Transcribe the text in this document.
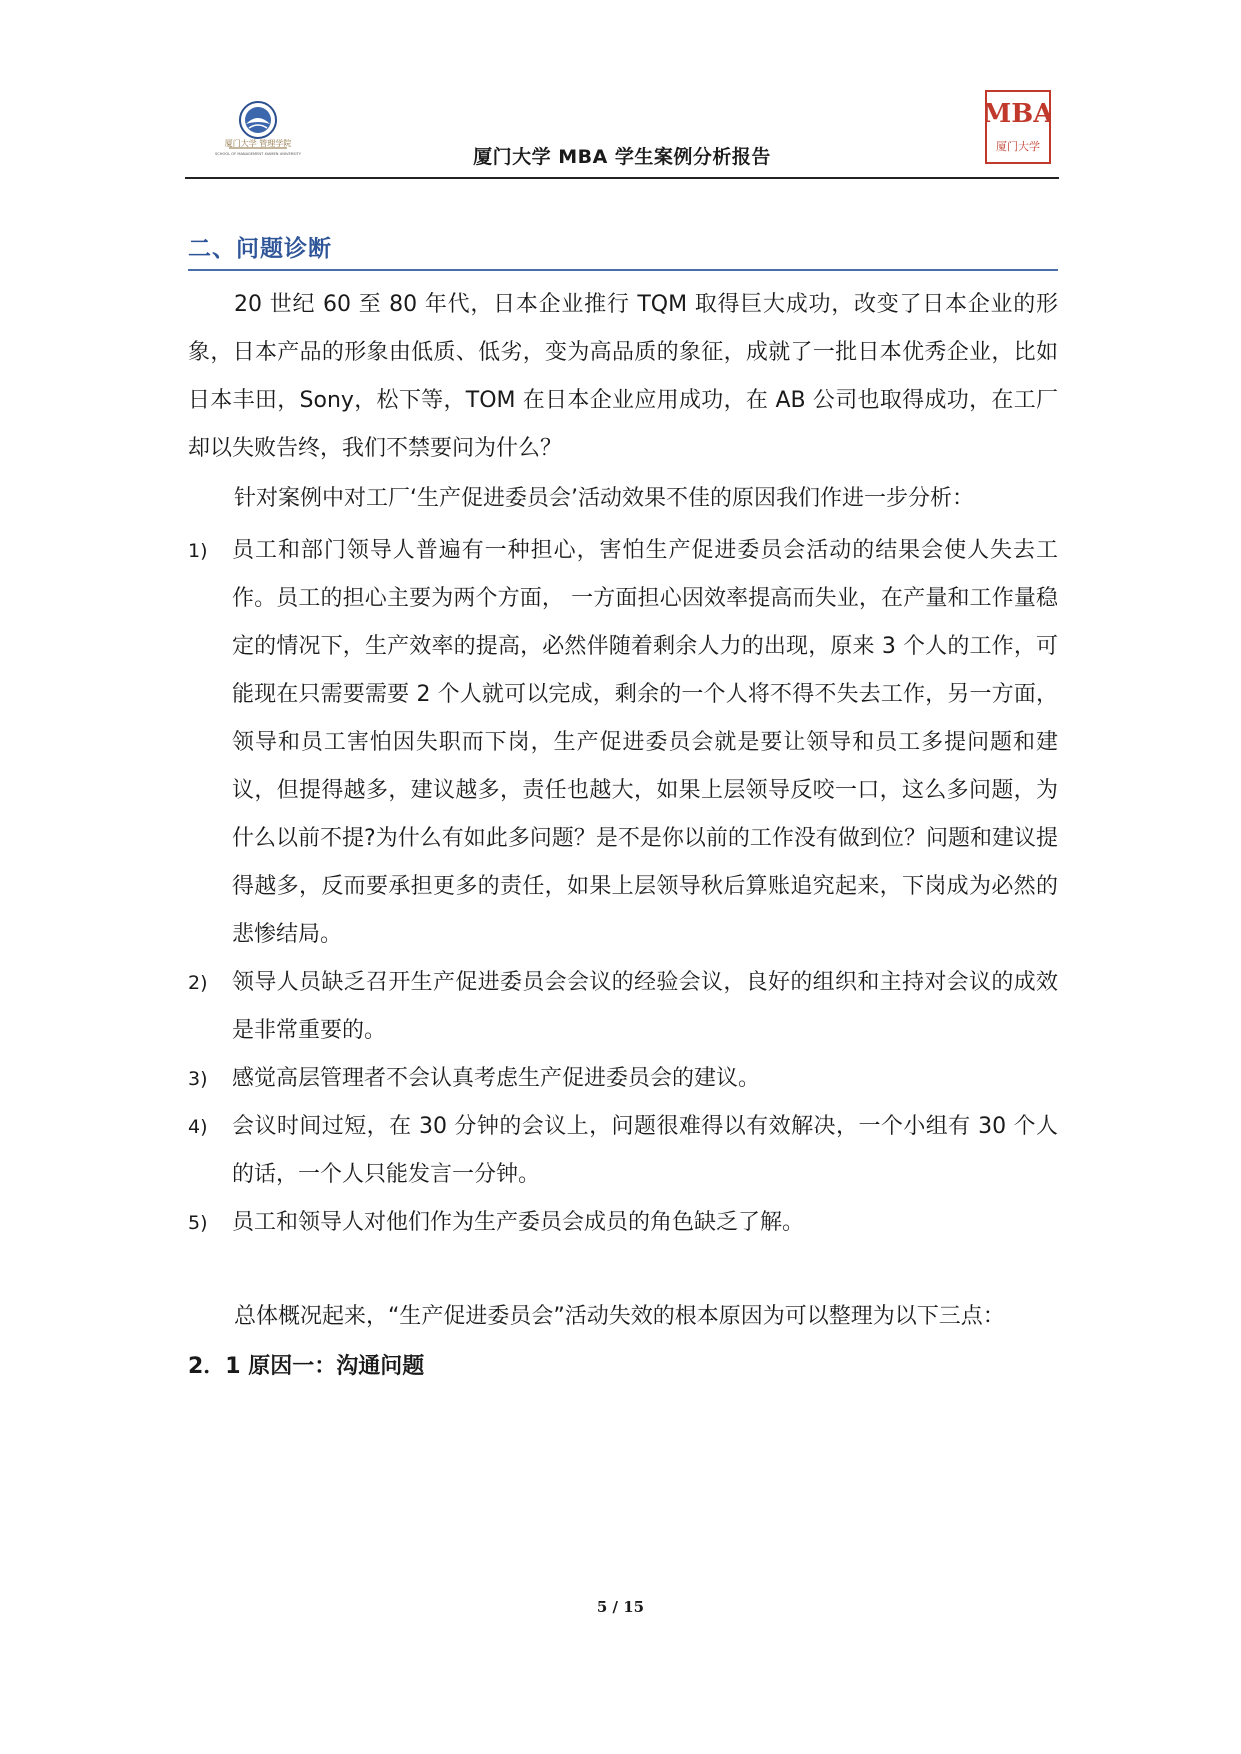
厦门大学 管理学院
SCHOOL OF MANAGEMENT XIAMEN UNIVERSITY
MBA
厦门大学
厦门大学 MBA 学生案例分析报告
二、问题诊断

20 世纪 60 至 80 年代，日本企业推行 TQM 取得巨大成功，改变了日本企业的形象，日本产品的形象由低质、低劣，变为高品质的象征，成就了一批日本优秀企业，比如日本丰田，Sony，松下等，TOM 在日本企业应用成功，在 AB 公司也取得成功，在工厂却以失败告终，我们不禁要问为什么？

针对案例中对工厂‘生产促进委员会’活动效果不佳的原因我们作进一步分析：

1) 员工和部门领导人普遍有一种担心，害怕生产促进委员会活动的结果会使人失去工作。员工的担心主要为两个方面， 一方面担心因效率提高而失业，在产量和工作量稳定的情况下，生产效率的提高，必然伴随着剩余人力的出现，原来 3 个人的工作，可能现在只需要需要 2 个人就可以完成，剩余的一个人将不得不失去工作，另一方面，领导和员工害怕因失职而下岗，生产促进委员会就是要让领导和员工多提问题和建议，但提得越多，建议越多，责任也越大，如果上层领导反咬一口，这么多问题，为什么以前不提?为什么有如此多问题？是不是你以前的工作没有做到位？问题和建议提得越多，反而要承担更多的责任，如果上层领导秋后算账追究起来，下岗成为必然的悲惨结局。
2) 领导人员缺乏召开生产促进委员会会议的经验会议，良好的组织和主持对会议的成效是非常重要的。
3) 感觉高层管理者不会认真考虑生产促进委员会的建议。
4) 会议时间过短，在 30 分钟的会议上，问题很难得以有效解决，一个小组有 30 个人的话，一个人只能发言一分钟。
5) 员工和领导人对他们作为生产委员会成员的角色缺乏了解。

总体概况起来，“生产促进委员会”活动失效的根本原因为可以整理为以下三点：

2．1 原因一：沟通问题
5 / 15
